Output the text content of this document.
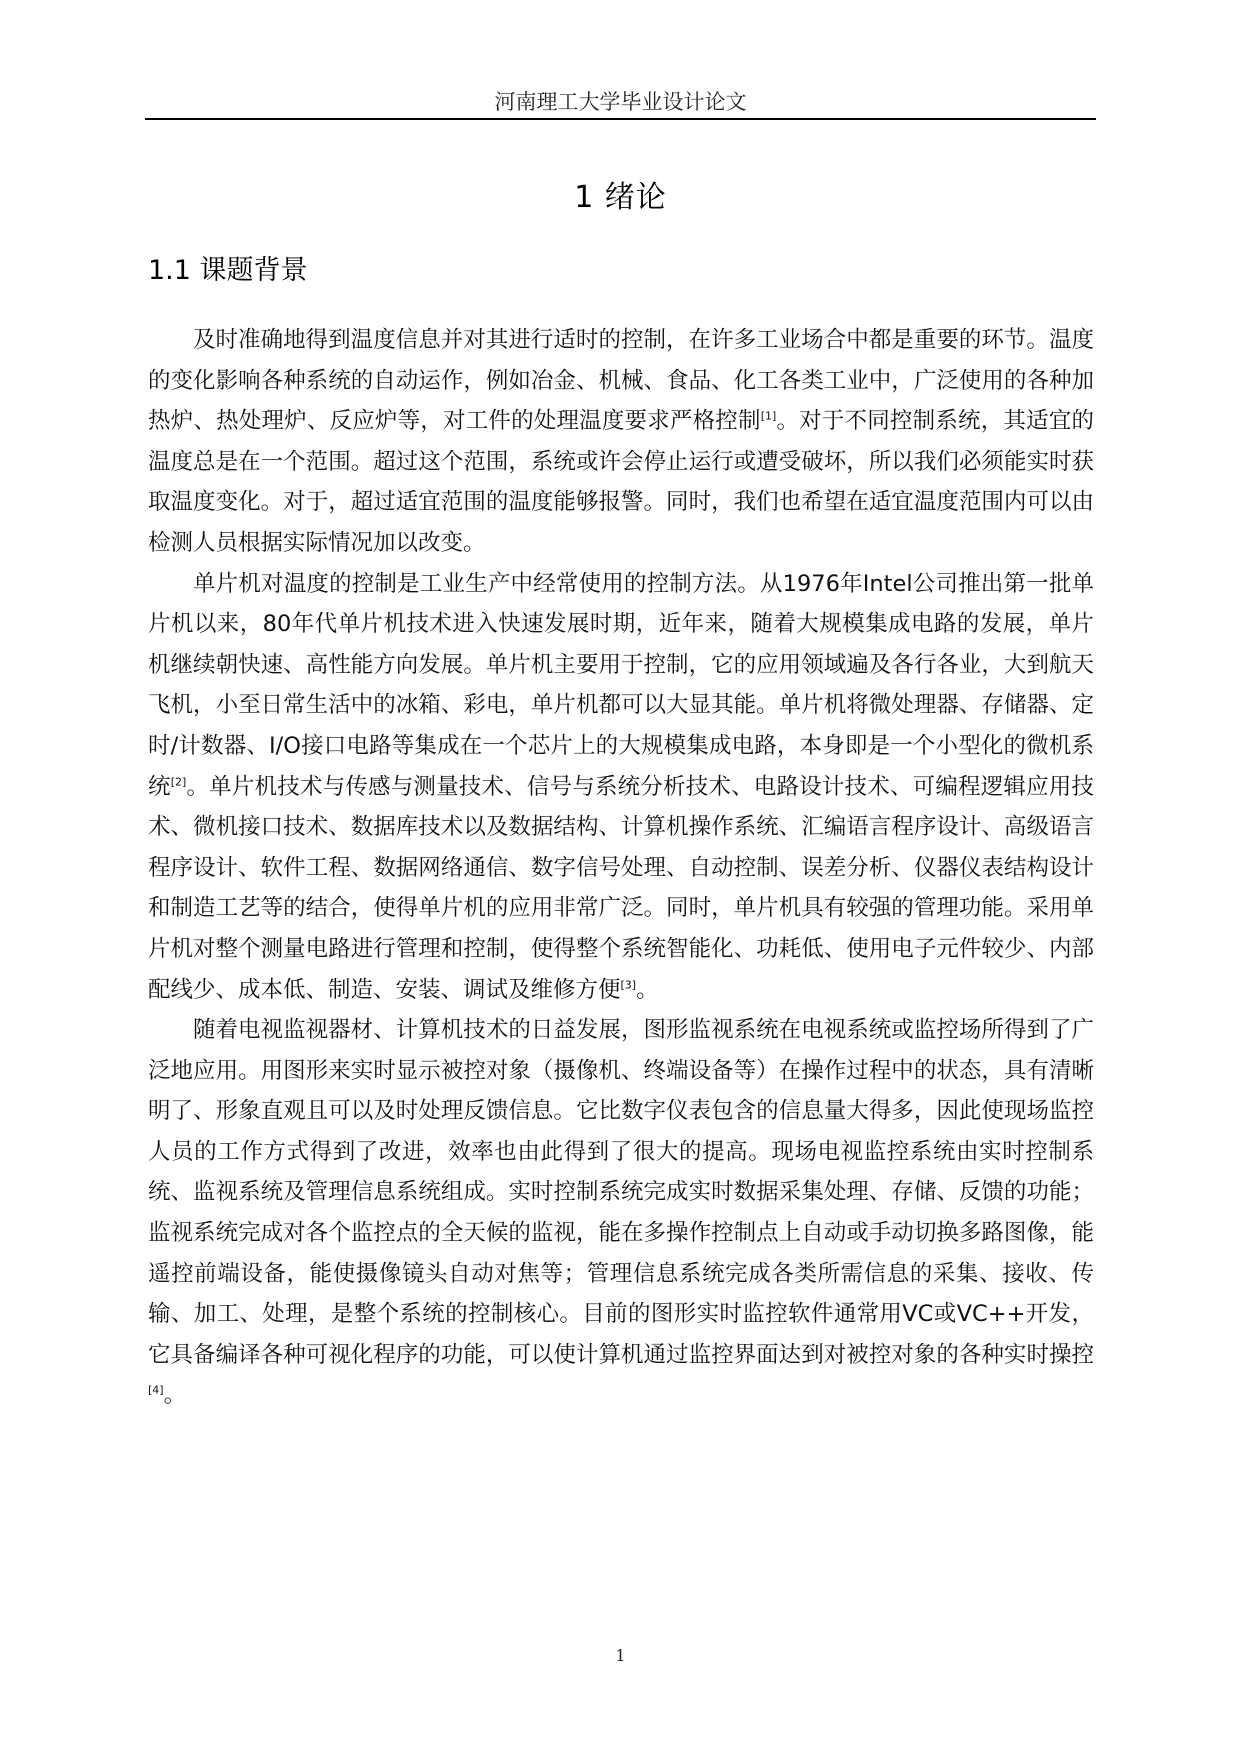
河南理工大学毕业设计论文
1 绪论
1.1 课题背景

及时准确地得到温度信息并对其进行适时的控制，在许多工业场合中都是重要的环节。温度的变化影响各种系统的自动运作，例如冶金、机械、食品、化工各类工业中，广泛使用的各种加热炉、热处理炉、反应炉等，对工件的处理温度要求严格控制[1]。对于不同控制系统，其适宜的温度总是在一个范围。超过这个范围，系统或许会停止运行或遭受破坏，所以我们必须能实时获取温度变化。对于，超过适宜范围的温度能够报警。同时，我们也希望在适宜温度范围内可以由检测人员根据实际情况加以改变。

单片机对温度的控制是工业生产中经常使用的控制方法。从1976年Intel公司推出第一批单片机以来，80年代单片机技术进入快速发展时期，近年来，随着大规模集成电路的发展，单片机继续朝快速、高性能方向发展。单片机主要用于控制，它的应用领域遍及各行各业，大到航天飞机，小至日常生活中的冰箱、彩电，单片机都可以大显其能。单片机将微处理器、存储器、定时/计数器、I/O接口电路等集成在一个芯片上的大规模集成电路，本身即是一个小型化的微机系统[2]。单片机技术与传感与测量技术、信号与系统分析技术、电路设计技术、可编程逻辑应用技术、微机接口技术、数据库技术以及数据结构、计算机操作系统、汇编语言程序设计、高级语言程序设计、软件工程、数据网络通信、数字信号处理、自动控制、误差分析、仪器仪表结构设计和制造工艺等的结合，使得单片机的应用非常广泛。同时，单片机具有较强的管理功能。采用单片机对整个测量电路进行管理和控制，使得整个系统智能化、功耗低、使用电子元件较少、内部配线少、成本低、制造、安装、调试及维修方便[3]。

随着电视监视器材、计算机技术的日益发展，图形监视系统在电视系统或监控场所得到了广泛地应用。用图形来实时显示被控对象（摄像机、终端设备等）在操作过程中的状态，具有清晰明了、形象直观且可以及时处理反馈信息。它比数字仪表包含的信息量大得多，因此使现场监控人员的工作方式得到了改进，效率也由此得到了很大的提高。现场电视监控系统由实时控制系统、监视系统及管理信息系统组成。实时控制系统完成实时数据采集处理、存储、反馈的功能；监视系统完成对各个监控点的全天候的监视，能在多操作控制点上自动或手动切换多路图像，能遥控前端设备，能使摄像镜头自动对焦等；管理信息系统完成各类所需信息的采集、接收、传输、加工、处理，是整个系统的控制核心。目前的图形实时监控软件通常用VC或VC++开发，它具备编译各种可视化程序的功能，可以使计算机通过监控界面达到对被控对象的各种实时操控[4]。

1
